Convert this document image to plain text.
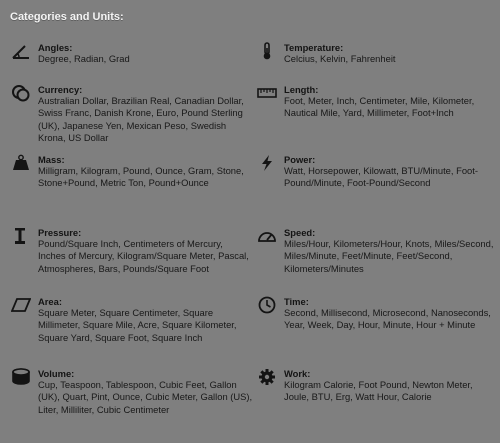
Categories and Units:
Angles:
Degree, Radian, Grad
Temperature:
Celcius, Kelvin, Fahrenheit
Currency:
Australian Dollar, Brazilian Real, Canadian Dollar, Swiss Franc, Danish Krone, Euro, Pound Sterling (UK), Japanese Yen, Mexican Peso, Swedish Krona, US Dollar
Length:
Foot, Meter, Inch, Centimeter, Mile, Kilometer, Nautical Mile, Yard, Millimeter, Foot+Inch
Mass:
Milligram, Kilogram, Pound, Ounce, Gram, Stone, Stone+Pound, Metric Ton, Pound+Ounce
Power:
Watt, Horsepower, Kilowatt, BTU/Minute, Foot-Pound/Minute, Foot-Pound/Second
Pressure:
Pound/Square Inch, Centimeters of Mercury, Inches of Mercury, Kilogram/Square Meter, Pascal, Atmospheres, Bars, Pounds/Square Foot
Speed:
Miles/Hour, Kilometers/Hour, Knots, Miles/Second, Miles/Minute, Feet/Minute, Feet/Second, Kilometers/Minutes
Area:
Square Meter, Square Centimeter, Square Millimeter, Square Mile, Acre, Square Kilometer, Square Yard, Square Foot, Square Inch
Time:
Second, Millisecond, Microsecond, Nanoseconds, Year, Week, Day, Hour, Minute, Hour + Minute
Volume:
Cup, Teaspoon, Tablespoon, Cubic Feet, Gallon (UK), Quart, Pint, Ounce, Cubic Meter, Gallon (US), Liter, Milliliter, Cubic Centimeter
Work:
Kilogram Calorie, Foot Pound, Newton Meter, Joule, BTU, Erg, Watt Hour, Calorie
